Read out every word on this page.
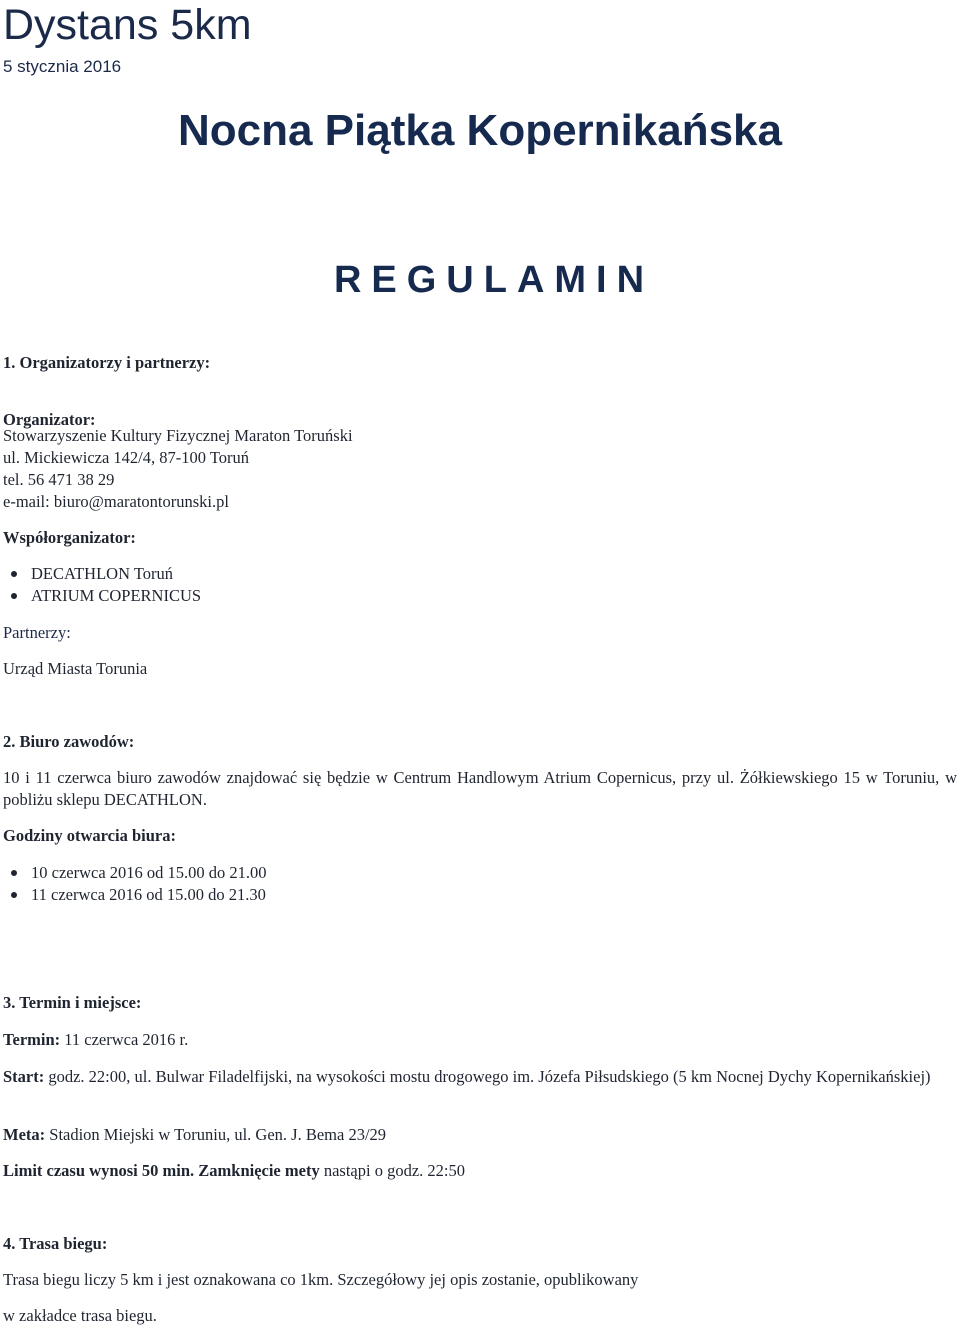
Dystans 5km
5 stycznia 2016
Nocna Piątka Kopernikańska
REGULAMIN
1. Organizatorzy i partnerzy:
Organizator:
Stowarzyszenie Kultury Fizycznej Maraton Toruński
ul. Mickiewicza 142/4, 87-100 Toruń
tel. 56 471 38 29
e-mail: biuro@maratontorunski.pl
Współorganizator:
DECATHLON Toruń
ATRIUM COPERNICUS
Partnerzy:
Urząd Miasta Torunia
2. Biuro zawodów:
10 i 11 czerwca biuro zawodów znajdować się będzie w Centrum Handlowym Atrium Copernicus, przy ul. Żółkiewskiego 15 w Toruniu, w pobliżu sklepu DECATHLON.
Godziny otwarcia biura:
10 czerwca 2016 od 15.00 do 21.00
11 czerwca 2016 od 15.00 do 21.30
3. Termin i miejsce:
Termin: 11 czerwca 2016 r.
Start: godz. 22:00, ul. Bulwar Filadelfijski, na wysokości mostu drogowego im. Józefa Piłsudskiego (5 km Nocnej Dychy Kopernikańskiej)
Meta: Stadion Miejski w Toruniu, ul. Gen. J. Bema 23/29
Limit czasu wynosi 50 min. Zamknięcie mety nastąpi o godz. 22:50
4. Trasa biegu:
Trasa biegu liczy 5 km i jest oznakowana co 1km. Szczegółowy jej opis zostanie, opublikowany
w zakładce trasa biegu.
